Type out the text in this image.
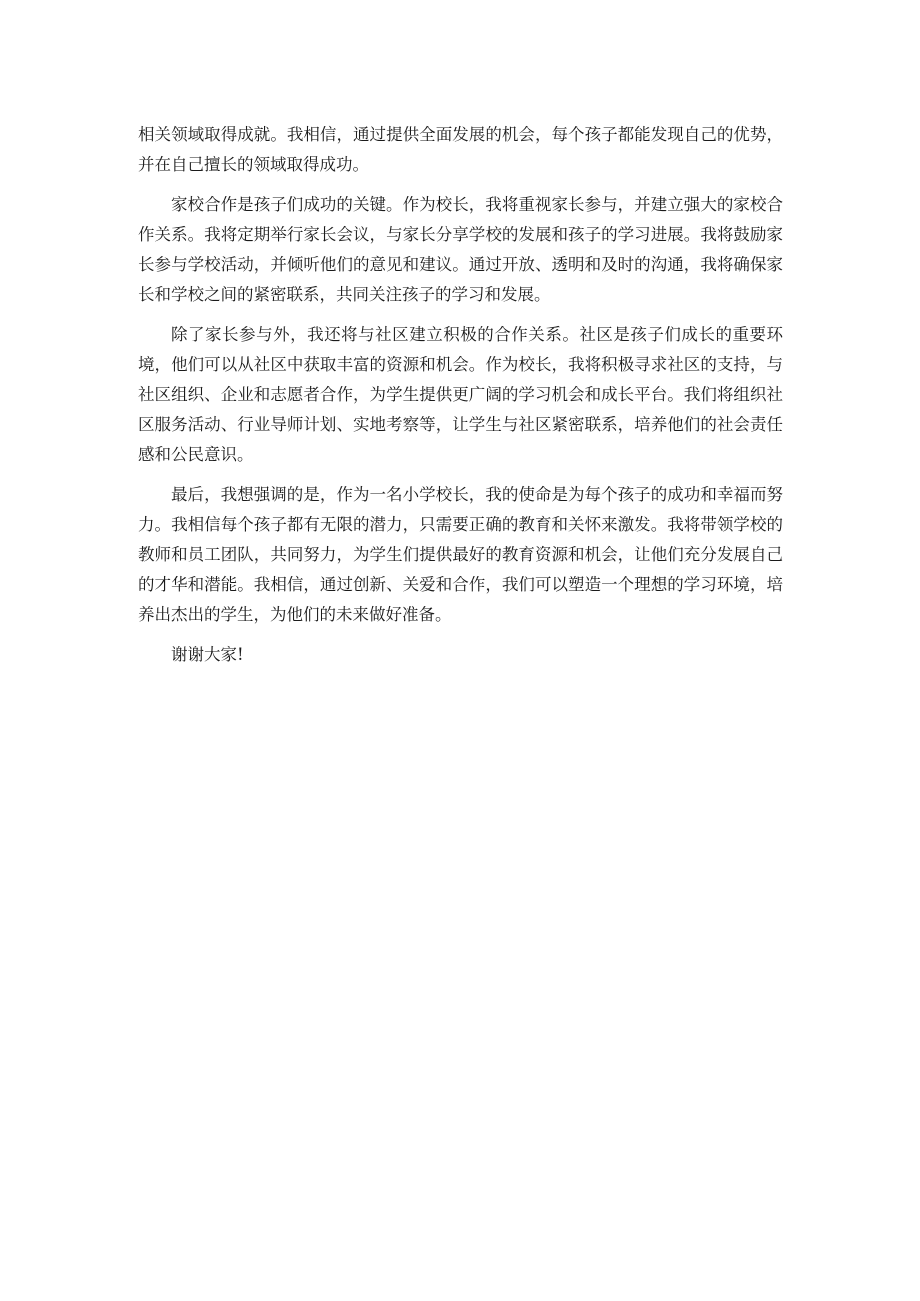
相关领域取得成就。我相信，通过提供全面发展的机会，每个孩子都能发现自己的优势，并在自己擅长的领域取得成功。

家校合作是孩子们成功的关键。作为校长，我将重视家长参与，并建立强大的家校合作关系。我将定期举行家长会议，与家长分享学校的发展和孩子的学习进展。我将鼓励家长参与学校活动，并倾听他们的意见和建议。通过开放、透明和及时的沟通，我将确保家长和学校之间的紧密联系，共同关注孩子的学习和发展。

除了家长参与外，我还将与社区建立积极的合作关系。社区是孩子们成长的重要环境，他们可以从社区中获取丰富的资源和机会。作为校长，我将积极寻求社区的支持，与社区组织、企业和志愿者合作，为学生提供更广阔的学习机会和成长平台。我们将组织社区服务活动、行业导师计划、实地考察等，让学生与社区紧密联系，培养他们的社会责任感和公民意识。

最后，我想强调的是，作为一名小学校长，我的使命是为每个孩子的成功和幸福而努力。我相信每个孩子都有无限的潜力，只需要正确的教育和关怀来激发。我将带领学校的教师和员工团队，共同努力，为学生们提供最好的教育资源和机会，让他们充分发展自己的才华和潜能。我相信，通过创新、关爱和合作，我们可以塑造一个理想的学习环境，培养出杰出的学生，为他们的未来做好准备。

谢谢大家!
